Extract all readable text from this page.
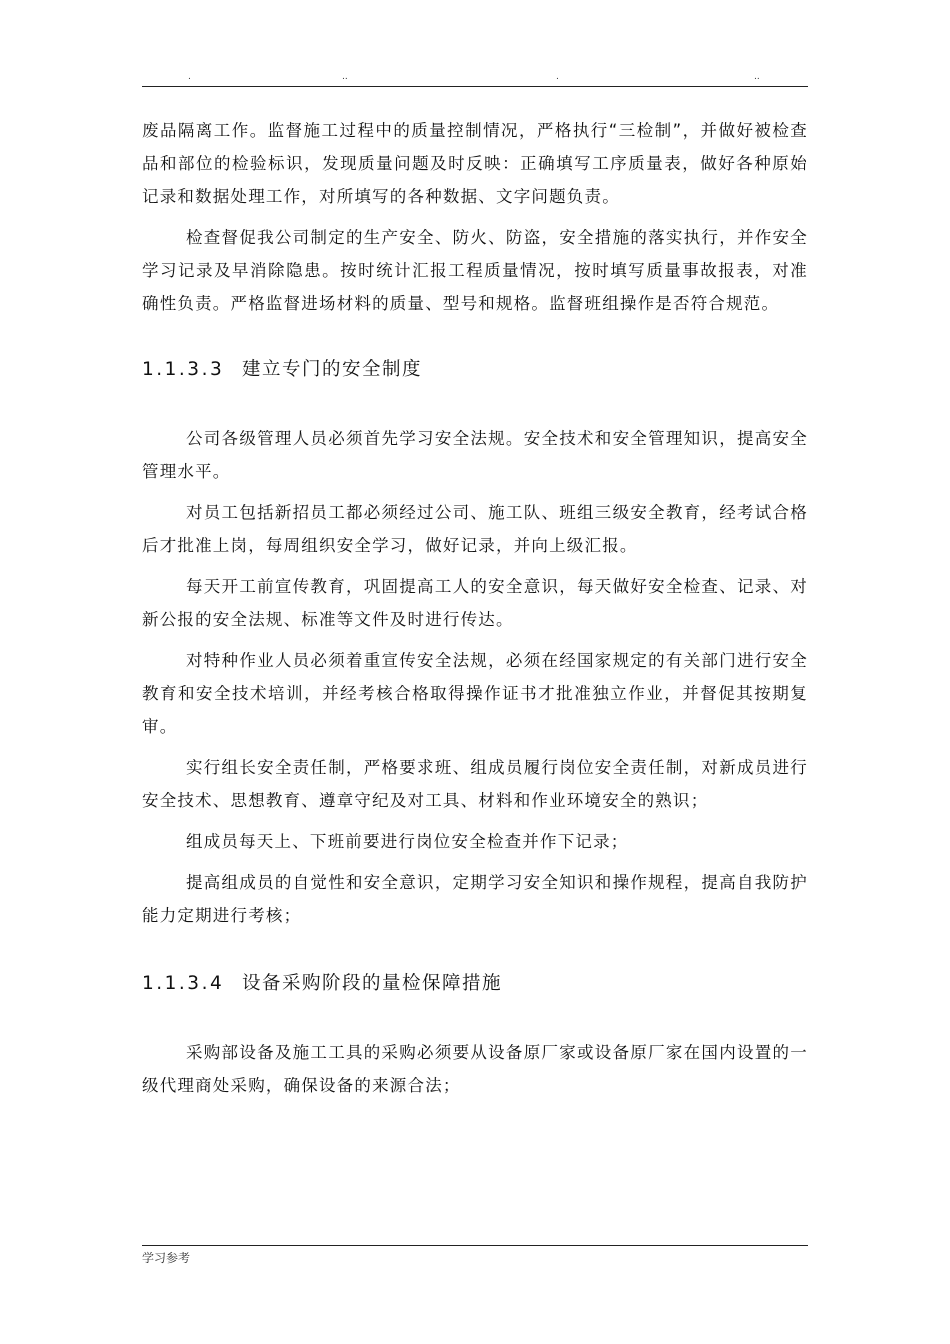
.	..	.	..

废品隔离工作。监督施工过程中的质量控制情况，严格执行“三检制”，并做好被检查品和部位的检验标识，发现质量问题及时反映：正确填写工序质量表，做好各种原始记录和数据处理工作，对所填写的各种数据、文字问题负责。

检查督促我公司制定的生产安全、防火、防盗，安全措施的落实执行，并作安全学习记录及早消除隐患。按时统计汇报工程质量情况，按时填写质量事故报表，对准确性负责。严格监督进场材料的质量、型号和规格。监督班组操作是否符合规范。

1.1.3.3 建立专门的安全制度

公司各级管理人员必须首先学习安全法规。安全技术和安全管理知识，提高安全管理水平。

对员工包括新招员工都必须经过公司、施工队、班组三级安全教育，经考试合格后才批准上岗，每周组织安全学习，做好记录，并向上级汇报。

每天开工前宣传教育，巩固提高工人的安全意识，每天做好安全检查、记录、对新公报的安全法规、标准等文件及时进行传达。

对特种作业人员必须着重宣传安全法规，必须在经国家规定的有关部门进行安全教育和安全技术培训，并经考核合格取得操作证书才批准独立作业，并督促其按期复审。

实行组长安全责任制，严格要求班、组成员履行岗位安全责任制，对新成员进行安全技术、思想教育、遵章守纪及对工具、材料和作业环境安全的熟识；

组成员每天上、下班前要进行岗位安全检查并作下记录；

提高组成员的自觉性和安全意识，定期学习安全知识和操作规程，提高自我防护能力定期进行考核；

1.1.3.4 设备采购阶段的量检保障措施

采购部设备及施工工具的采购必须要从设备原厂家或设备原厂家在国内设置的一级代理商处采购，确保设备的来源合法；

学习参考
